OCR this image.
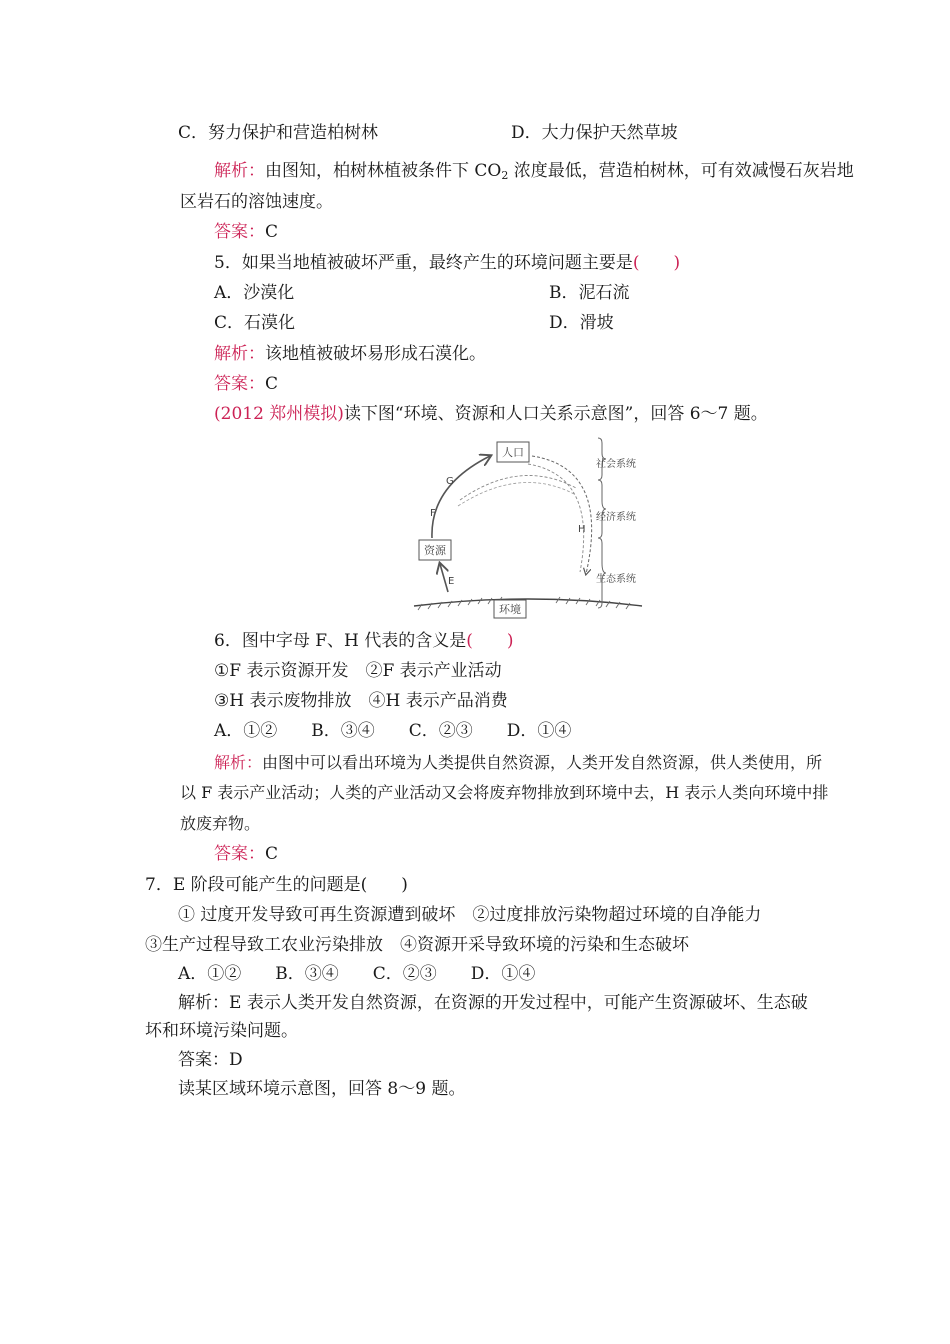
C．努力保护和营造柏树林	D．大力保护天然草坡
解析：由图知，柏树林植被条件下 $CO_2$ 浓度最低，营造柏树林，可有效减慢石灰岩地
区岩石的溶蚀速度。
答案：C
5．如果当地植被破坏严重，最终产生的环境问题主要是(　　)
A．沙漠化	B．泥石流
C．石漠化	D．滑坡
解析：该地植被破坏易形成石漠化。
答案：C
(2012 郑州模拟)读下图“环境、资源和人口关系示意图”，回答 6～7 题。
人口
资源
环境
G
F
E
H
社会系统
经济系统
生态系统
6．图中字母 F、H 代表的含义是(　　)
①F 表示资源开发　②F 表示产业活动
③H 表示废物排放　④H 表示产品消费
A．①②　　B．③④　　C．②③　　D．①④
解析：由图中可以看出环境为人类提供自然资源，人类开发自然资源，供人类使用，所
以 F 表示产业活动；人类的产业活动又会将废弃物排放到环境中去，H 表示人类向环境中排
放废弃物。
答案：C
7．E 阶段可能产生的问题是(　　)
① 过度开发导致可再生资源遭到破坏　②过度排放污染物超过环境的自净能力
③生产过程导致工农业污染排放　④资源开采导致环境的污染和生态破坏
A．①②　　B．③④　　C．②③　　D．①④
解析：E 表示人类开发自然资源，在资源的开发过程中，可能产生资源破坏、生态破
坏和环境污染问题。
答案：D
读某区域环境示意图，回答 8～9 题。
